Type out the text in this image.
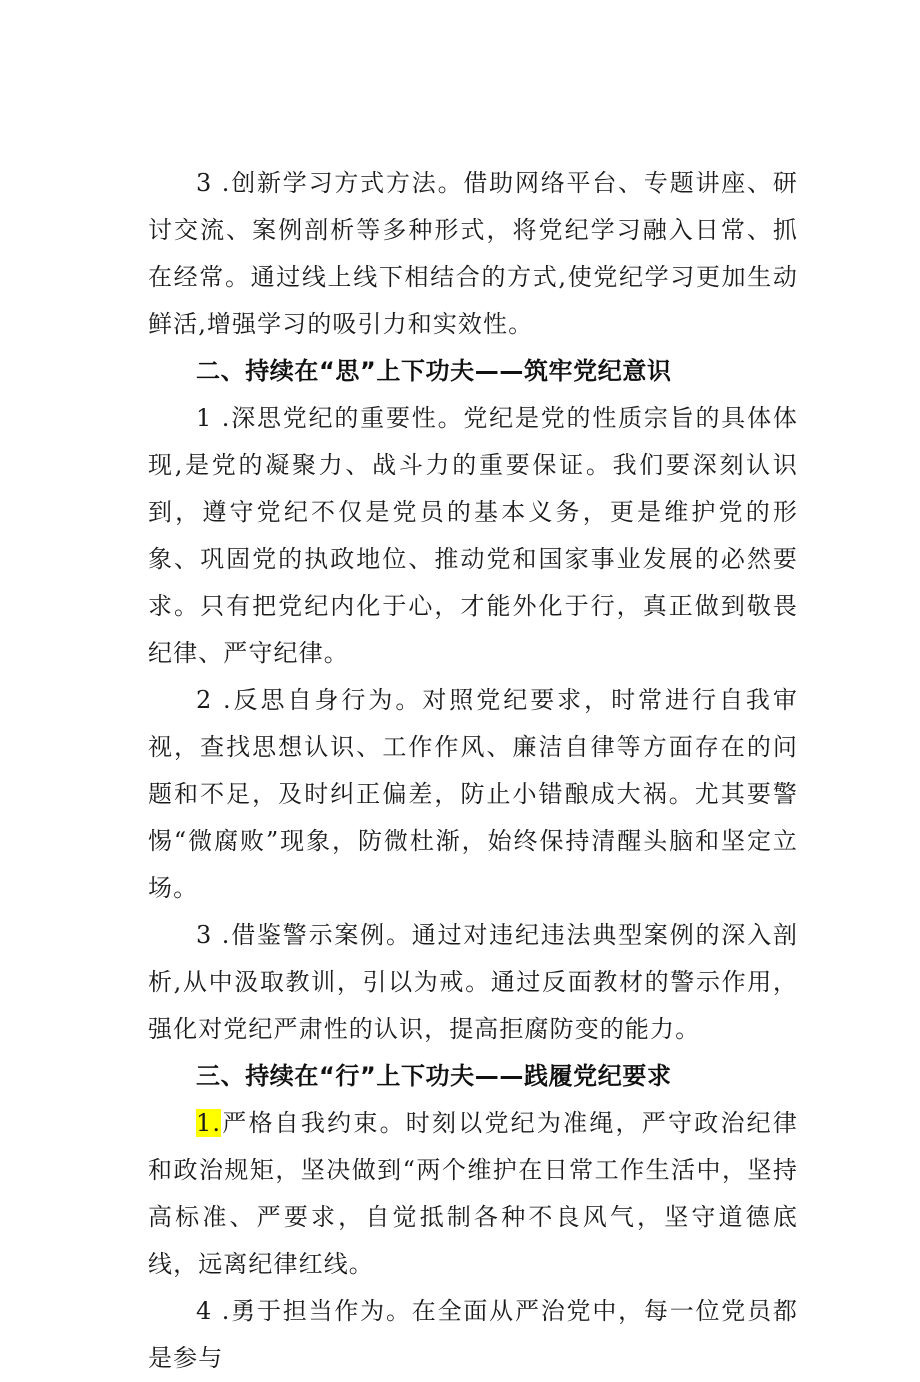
3 .创新学习方式方法。借助网络平台、专题讲座、研讨交流、案例剖析等多种形式，将党纪学习融入日常、抓在经常。通过线上线下相结合的方式,使党纪学习更加生动鲜活,增强学习的吸引力和实效性。

二、持续在“思”上下功夫——筑牢党纪意识

1 .深思党纪的重要性。党纪是党的性质宗旨的具体体现,是党的凝聚力、战斗力的重要保证。我们要深刻认识到，遵守党纪不仅是党员的基本义务，更是维护党的形象、巩固党的执政地位、推动党和国家事业发展的必然要求。只有把党纪内化于心，才能外化于行，真正做到敬畏纪律、严守纪律。

2 .反思自身行为。对照党纪要求，时常进行自我审视，查找思想认识、工作作风、廉洁自律等方面存在的问题和不足，及时纠正偏差，防止小错酿成大祸。尤其要警惕“微腐败”现象，防微杜渐，始终保持清醒头脑和坚定立场。

3 .借鉴警示案例。通过对违纪违法典型案例的深入剖析,从中汲取教训，引以为戒。通过反面教材的警示作用，强化对党纪严肃性的认识，提高拒腐防变的能力。

三、持续在“行”上下功夫——践履党纪要求

1.严格自我约束。时刻以党纪为准绳，严守政治纪律和政治规矩，坚决做到“两个维护在日常工作生活中，坚持高标准、严要求，自觉抵制各种不良风气，坚守道德底线，远离纪律红线。

4 .勇于担当作为。在全面从严治党中，每一位党员都是参与
